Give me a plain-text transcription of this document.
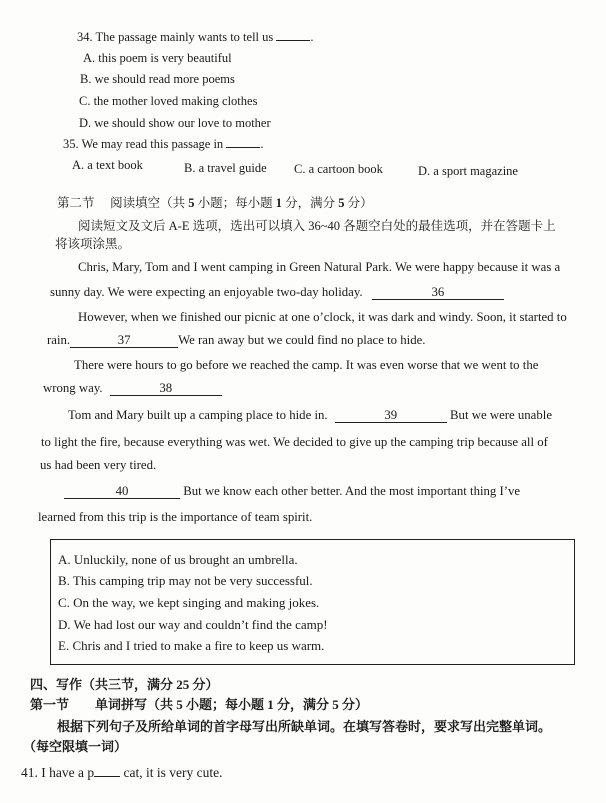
34. The passage mainly wants to tell us	.
A. this poem is very beautiful
B. we should read more poems
C. the mother loved making clothes
D. we should show our love to mother
35. We may read this passage in	.
A. a text book	B. a travel guide C. a cartoon book	D. a sport magazine
第二节　 阅读填空（共 5 小题；每小题 1 分，满分 5 分）
阅读短文及文后 A-E 选项，选出可以填入 36~40 各题空白处的最佳选项，并在答题卡上
将该项涂黑。
Chris, Mary, Tom and I went camping in Green Natural Park. We were happy because it was a
sunny day. We were expecting an enjoyable two-day holiday.	36
However, when we finished our picnic at one o’clock, it was dark and windy. Soon, it started to
rain.	37	We ran away but we could find no place to hide.
There were hours to go before we reached the camp. It was even worse that we went to the
wrong way.	38
Tom and Mary built up a camping place to hide in.	39	But we were unable
to light the fire, because everything was wet. We decided to give up the camping trip because all of
us had been very tired.
40	But we know each other better. And the most important thing I’ve
learned from this trip is the importance of team spirit.
A. Unluckily, none of us brought an umbrella.
B. This camping trip may not be very successful.
C. On the way, we kept singing and making jokes.
D. We had lost our way and couldn’t find the camp!
E. Chris and I tried to make a fire to keep us warm.
四、写作（共三节，满分 25 分）
第一节　　单词拼写（共 5 小题；每小题 1 分，满分 5 分）
根据下列句子及所给单词的首字母写出所缺单词。在填写答卷时，要求写出完整单词。
（每空限填一词）
41. I have a p cat, it is very cute.
